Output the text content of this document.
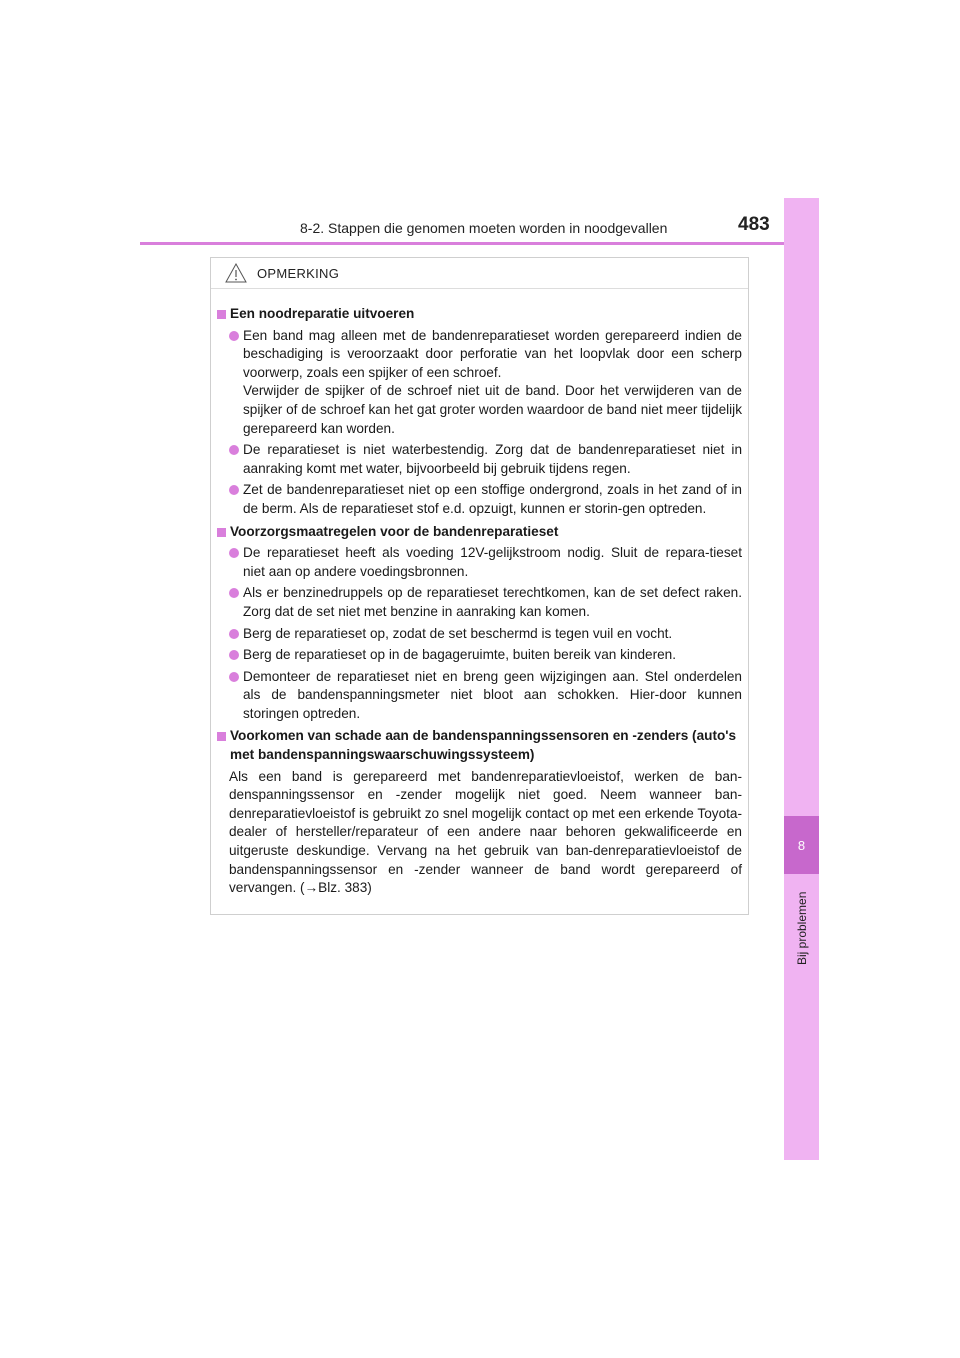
8-2. Stappen die genomen moeten worden in noodgevallen	483
8
Bij problemen
OPMERKING
Een noodreparatie uitvoeren
Een band mag alleen met de bandenreparatieset worden gerepareerd indien de beschadiging is veroorzaakt door perforatie van het loopvlak door een scherp voorwerp, zoals een spijker of een schroef.
Verwijder de spijker of de schroef niet uit de band. Door het verwijderen van de spijker of de schroef kan het gat groter worden waardoor de band niet meer tijdelijk gerepareerd kan worden.
De reparatieset is niet waterbestendig. Zorg dat de bandenreparatieset niet in aanraking komt met water, bijvoorbeeld bij gebruik tijdens regen.
Zet de bandenreparatieset niet op een stoffige ondergrond, zoals in het zand of in de berm. Als de reparatieset stof e.d. opzuigt, kunnen er storin-gen optreden.
Voorzorgsmaatregelen voor de bandenreparatieset
De reparatieset heeft als voeding 12V-gelijkstroom nodig. Sluit de repara-tieset niet aan op andere voedingsbronnen.
Als er benzinedruppels op de reparatieset terechtkomen, kan de set defect raken. Zorg dat de set niet met benzine in aanraking kan komen.
Berg de reparatieset op, zodat de set beschermd is tegen vuil en vocht.
Berg de reparatieset op in de bagageruimte, buiten bereik van kinderen.
Demonteer de reparatieset niet en breng geen wijzigingen aan. Stel onderdelen als de bandenspanningsmeter niet bloot aan schokken. Hier-door kunnen storingen optreden.
Voorkomen van schade aan de bandenspanningssensoren en -zenders (auto's met bandenspanningswaarschuwingssysteem)
Als een band is gerepareerd met bandenreparatievloeistof, werken de ban-denspanningssensor en -zender mogelijk niet goed. Neem wanneer ban-denreparatievloeistof is gebruikt zo snel mogelijk contact op met een erkende Toyota-dealer of hersteller/reparateur of een andere naar behoren gekwalificeerde en uitgeruste deskundige. Vervang na het gebruik van ban-denreparatievloeistof de bandenspanningssensor en -zender wanneer de band wordt gerepareerd of vervangen. (→Blz. 383)
